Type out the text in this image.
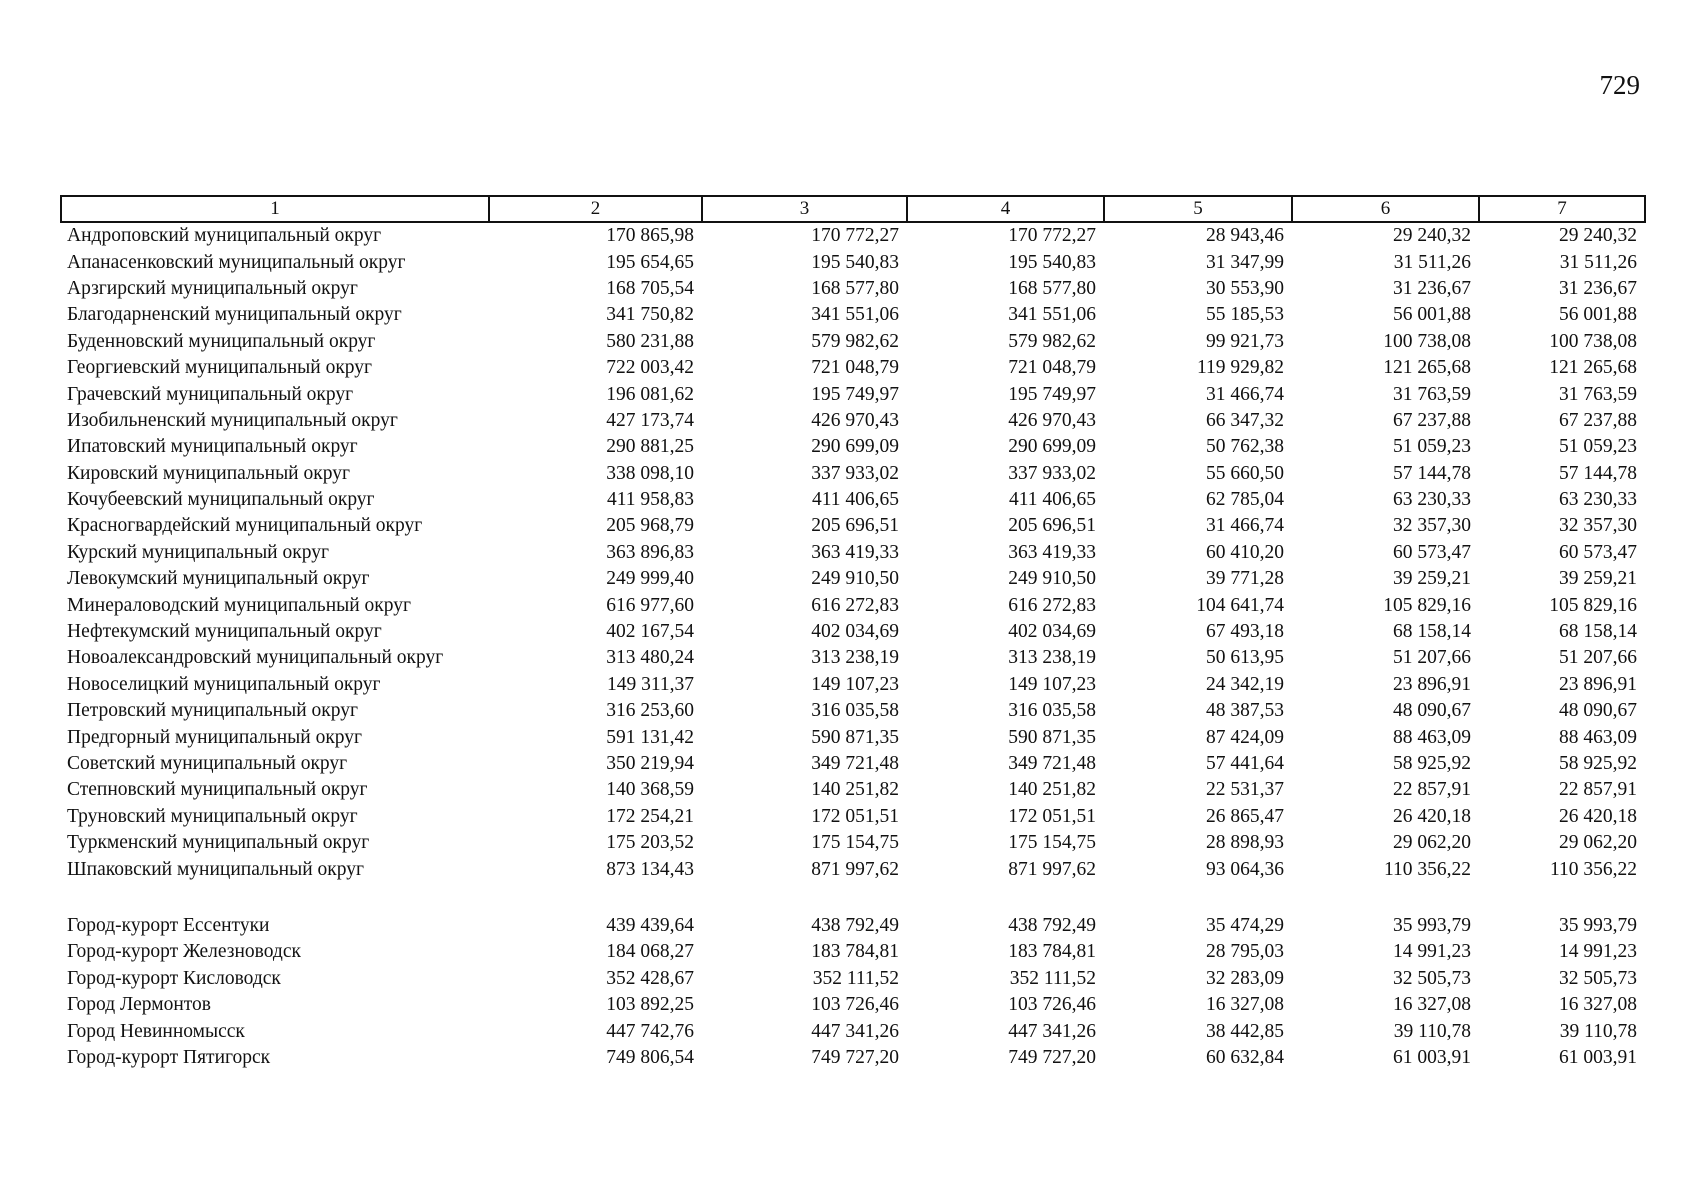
729
1	2	3	4	5	6	7
Андроповский муниципальный округ	170 865,98	170 772,27	170 772,27	28 943,46	29 240,32	29 240,32
Апанасенковский муниципальный округ	195 654,65	195 540,83	195 540,83	31 347,99	31 511,26	31 511,26
Арзгирский муниципальный округ	168 705,54	168 577,80	168 577,80	30 553,90	31 236,67	31 236,67
Благодарненский муниципальный округ	341 750,82	341 551,06	341 551,06	55 185,53	56 001,88	56 001,88
Буденновский муниципальный округ	580 231,88	579 982,62	579 982,62	99 921,73	100 738,08	100 738,08
Георгиевский муниципальный округ	722 003,42	721 048,79	721 048,79	119 929,82	121 265,68	121 265,68
Грачевский муниципальный округ	196 081,62	195 749,97	195 749,97	31 466,74	31 763,59	31 763,59
Изобильненский муниципальный округ	427 173,74	426 970,43	426 970,43	66 347,32	67 237,88	67 237,88
Ипатовский муниципальный округ	290 881,25	290 699,09	290 699,09	50 762,38	51 059,23	51 059,23
Кировский муниципальный округ	338 098,10	337 933,02	337 933,02	55 660,50	57 144,78	57 144,78
Кочубеевский муниципальный округ	411 958,83	411 406,65	411 406,65	62 785,04	63 230,33	63 230,33
Красногвардейский муниципальный округ	205 968,79	205 696,51	205 696,51	31 466,74	32 357,30	32 357,30
Курский муниципальный округ	363 896,83	363 419,33	363 419,33	60 410,20	60 573,47	60 573,47
Левокумский муниципальный округ	249 999,40	249 910,50	249 910,50	39 771,28	39 259,21	39 259,21
Минераловодский муниципальный округ	616 977,60	616 272,83	616 272,83	104 641,74	105 829,16	105 829,16
Нефтекумский муниципальный округ	402 167,54	402 034,69	402 034,69	67 493,18	68 158,14	68 158,14
Новоалександровский муниципальный округ	313 480,24	313 238,19	313 238,19	50 613,95	51 207,66	51 207,66
Новоселицкий муниципальный округ	149 311,37	149 107,23	149 107,23	24 342,19	23 896,91	23 896,91
Петровский муниципальный округ	316 253,60	316 035,58	316 035,58	48 387,53	48 090,67	48 090,67
Предгорный муниципальный округ	591 131,42	590 871,35	590 871,35	87 424,09	88 463,09	88 463,09
Советский муниципальный округ	350 219,94	349 721,48	349 721,48	57 441,64	58 925,92	58 925,92
Степновский муниципальный округ	140 368,59	140 251,82	140 251,82	22 531,37	22 857,91	22 857,91
Труновский муниципальный округ	172 254,21	172 051,51	172 051,51	26 865,47	26 420,18	26 420,18
Туркменский муниципальный округ	175 203,52	175 154,75	175 154,75	28 898,93	29 062,20	29 062,20
Шпаковский муниципальный округ	873 134,43	871 997,62	871 997,62	93 064,36	110 356,22	110 356,22

Город-курорт Ессентуки	439 439,64	438 792,49	438 792,49	35 474,29	35 993,79	35 993,79
Город-курорт Железноводск	184 068,27	183 784,81	183 784,81	28 795,03	14 991,23	14 991,23
Город-курорт Кисловодск	352 428,67	352 111,52	352 111,52	32 283,09	32 505,73	32 505,73
Город Лермонтов	103 892,25	103 726,46	103 726,46	16 327,08	16 327,08	16 327,08
Город Невинномысск	447 742,76	447 341,26	447 341,26	38 442,85	39 110,78	39 110,78
Город-курорт Пятигорск	749 806,54	749 727,20	749 727,20	60 632,84	61 003,91	61 003,91
